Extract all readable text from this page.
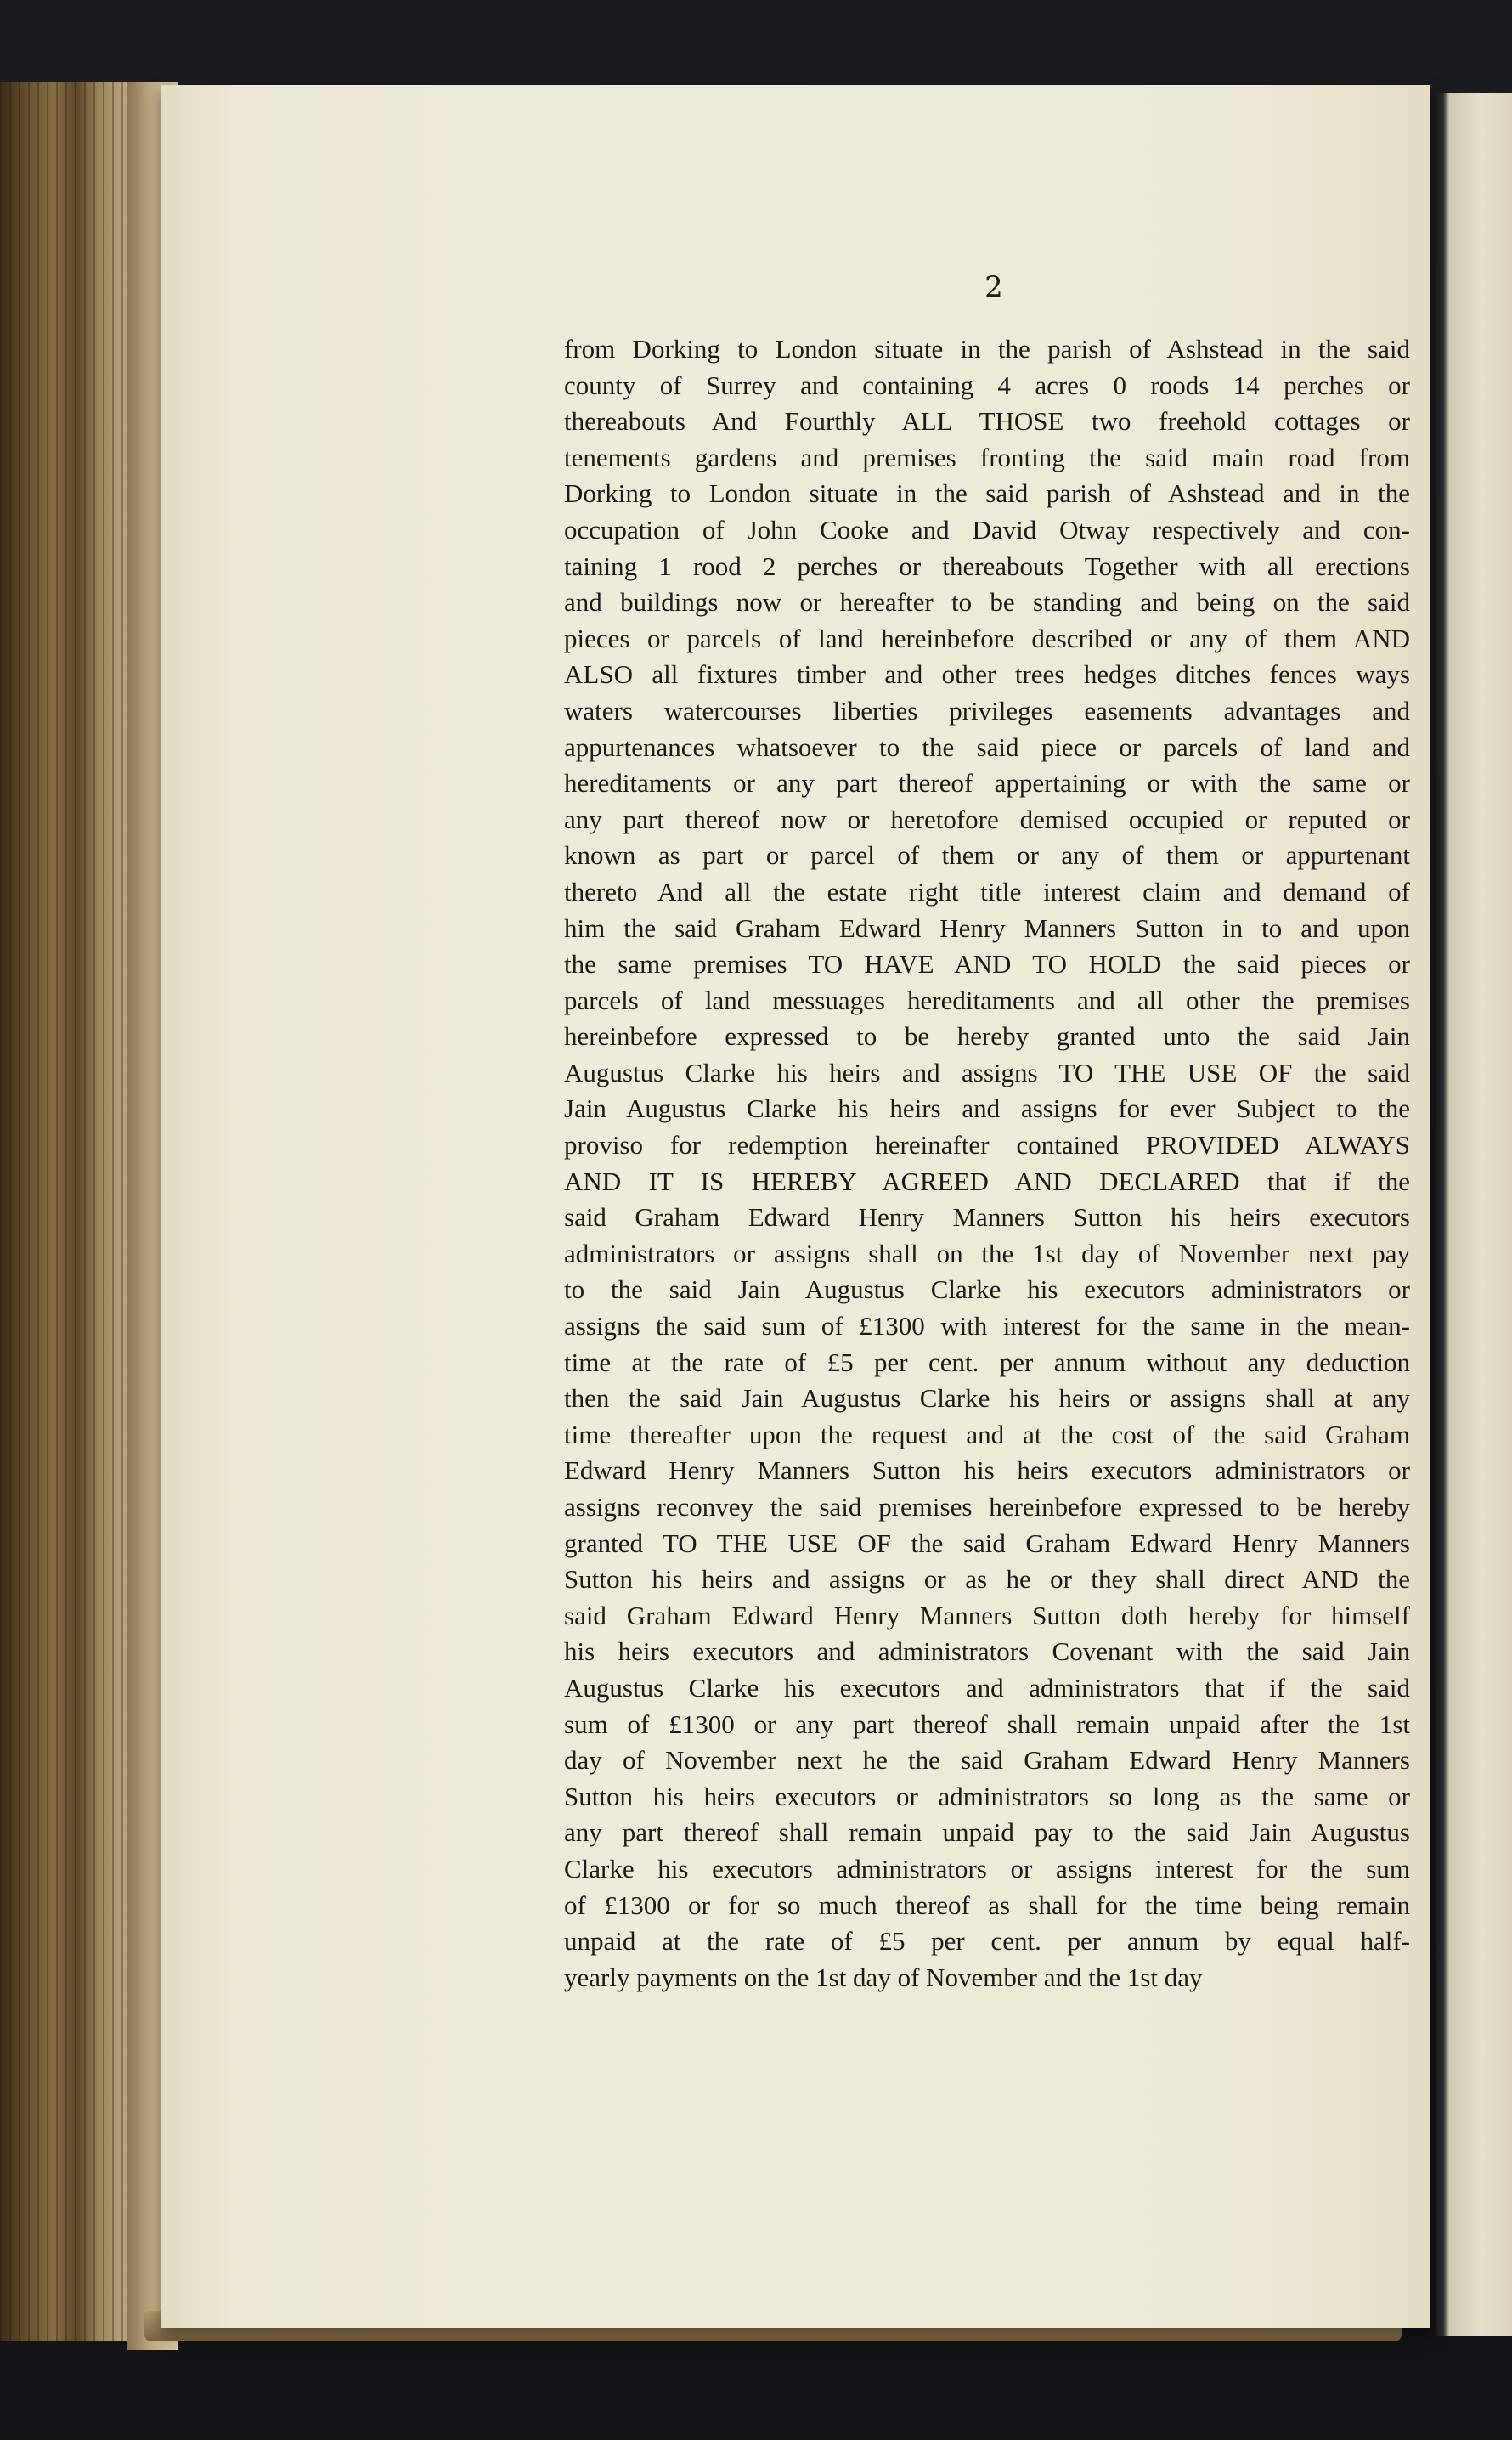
2
from Dorking to London situate in the parish of Ashstead in the said
county of Surrey and containing 4 acres 0 roods 14 perches or
thereabouts And Fourthly ALL THOSE two freehold cottages or
tenements gardens and premises fronting the said main road from
Dorking to London situate in the said parish of Ashstead and in the
occupation of John Cooke and David Otway respectively and con-
taining 1 rood 2 perches or thereabouts Together with all erections
and buildings now or hereafter to be standing and being on the said
pieces or parcels of land hereinbefore described or any of them AND
ALSO all fixtures timber and other trees hedges ditches fences ways
waters watercourses liberties privileges easements advantages and
appurtenances whatsoever to the said piece or parcels of land and
hereditaments or any part thereof appertaining or with the same or
any part thereof now or heretofore demised occupied or reputed or
known as part or parcel of them or any of them or appurtenant
thereto And all the estate right title interest claim and demand of
him the said Graham Edward Henry Manners Sutton in to and upon
the same premises TO HAVE AND TO HOLD the said pieces or
parcels of land messuages hereditaments and all other the premises
hereinbefore expressed to be hereby granted unto the said Jain
Augustus Clarke his heirs and assigns TO THE USE OF the said
Jain Augustus Clarke his heirs and assigns for ever Subject to the
proviso for redemption hereinafter contained PROVIDED ALWAYS
AND IT IS HEREBY AGREED AND DECLARED that if the
said Graham Edward Henry Manners Sutton his heirs executors
administrators or assigns shall on the 1st day of November next pay
to the said Jain Augustus Clarke his executors administrators or
assigns the said sum of £1300 with interest for the same in the mean-
time at the rate of £5 per cent. per annum without any deduction
then the said Jain Augustus Clarke his heirs or assigns shall at any
time thereafter upon the request and at the cost of the said Graham
Edward Henry Manners Sutton his heirs executors administrators or
assigns reconvey the said premises hereinbefore expressed to be hereby
granted TO THE USE OF the said Graham Edward Henry Manners
Sutton his heirs and assigns or as he or they shall direct AND the
said Graham Edward Henry Manners Sutton doth hereby for himself
his heirs executors and administrators Covenant with the said Jain
Augustus Clarke his executors and administrators that if the said
sum of £1300 or any part thereof shall remain unpaid after the 1st
day of November next he the said Graham Edward Henry Manners
Sutton his heirs executors or administrators so long as the same or
any part thereof shall remain unpaid pay to the said Jain Augustus
Clarke his executors administrators or assigns interest for the sum
of £1300 or for so much thereof as shall for the time being remain
unpaid at the rate of £5 per cent. per annum by equal half-
yearly payments on the 1st day of November and the 1st day
